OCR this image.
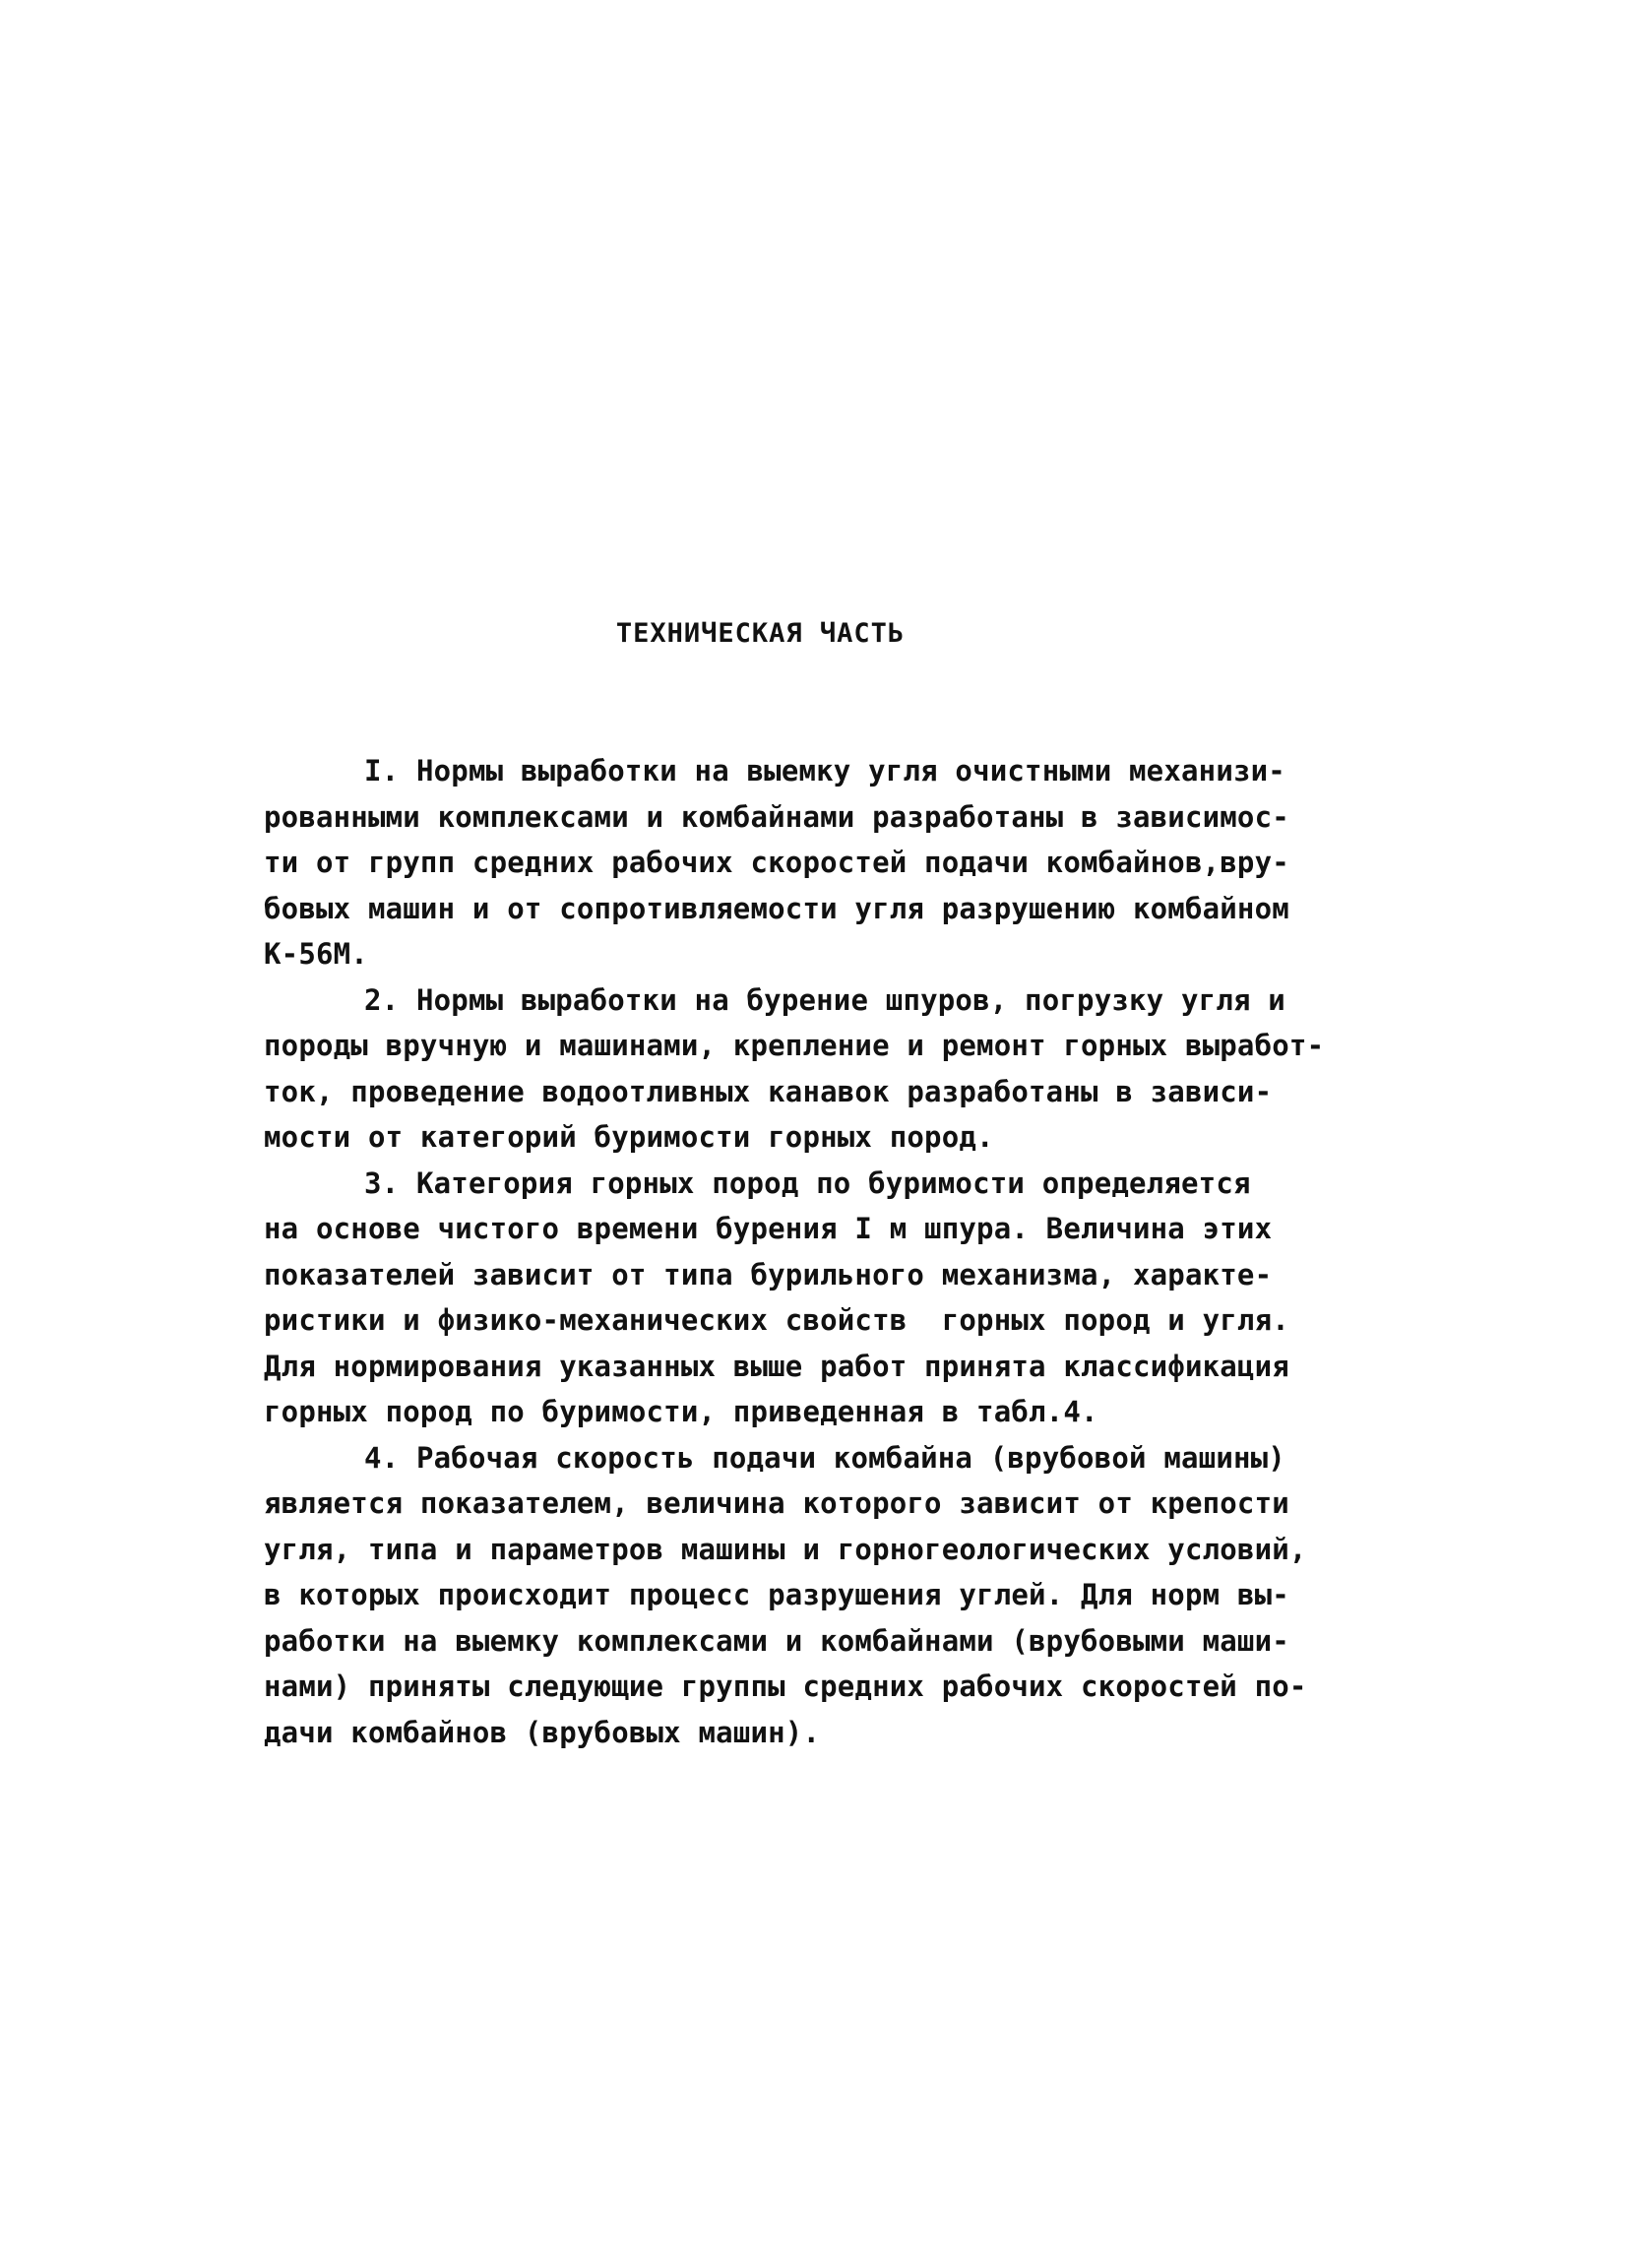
ТЕХНИЧЕСКАЯ ЧАСТЬ
I. Нормы выработки на выемку угля очистными механизи-
рованными комплексами и комбайнами разработаны в зависимос-
ти от групп средних рабочих скоростей подачи комбайнов,вру-
бовых машин и от сопротивляемости угля разрушению комбайном
К-56М.
2. Нормы выработки на бурение шпуров, погрузку угля и
породы вручную и машинами, крепление и ремонт горных выработ-
ток, проведение водоотливных канавок разработаны в зависи-
мости от категорий буримости горных пород.
3. Категория горных пород по буримости определяется
на основе чистого времени бурения I м шпура. Величина этих
показателей зависит от типа бурильного механизма, характе-
ристики и физико-механических свойств  горных пород и угля.
Для нормирования указанных выше работ принята классификация
горных пород по буримости, приведенная в табл.4.
4. Рабочая скорость подачи комбайна (врубовой машины)
является показателем, величина которого зависит от крепости
угля, типа и параметров машины и горногеологических условий,
в которых происходит процесс разрушения углей. Для норм вы-
работки на выемку комплексами и комбайнами (врубовыми маши-
нами) приняты следующие группы средних рабочих скоростей по-
дачи комбайнов (врубовых машин).
